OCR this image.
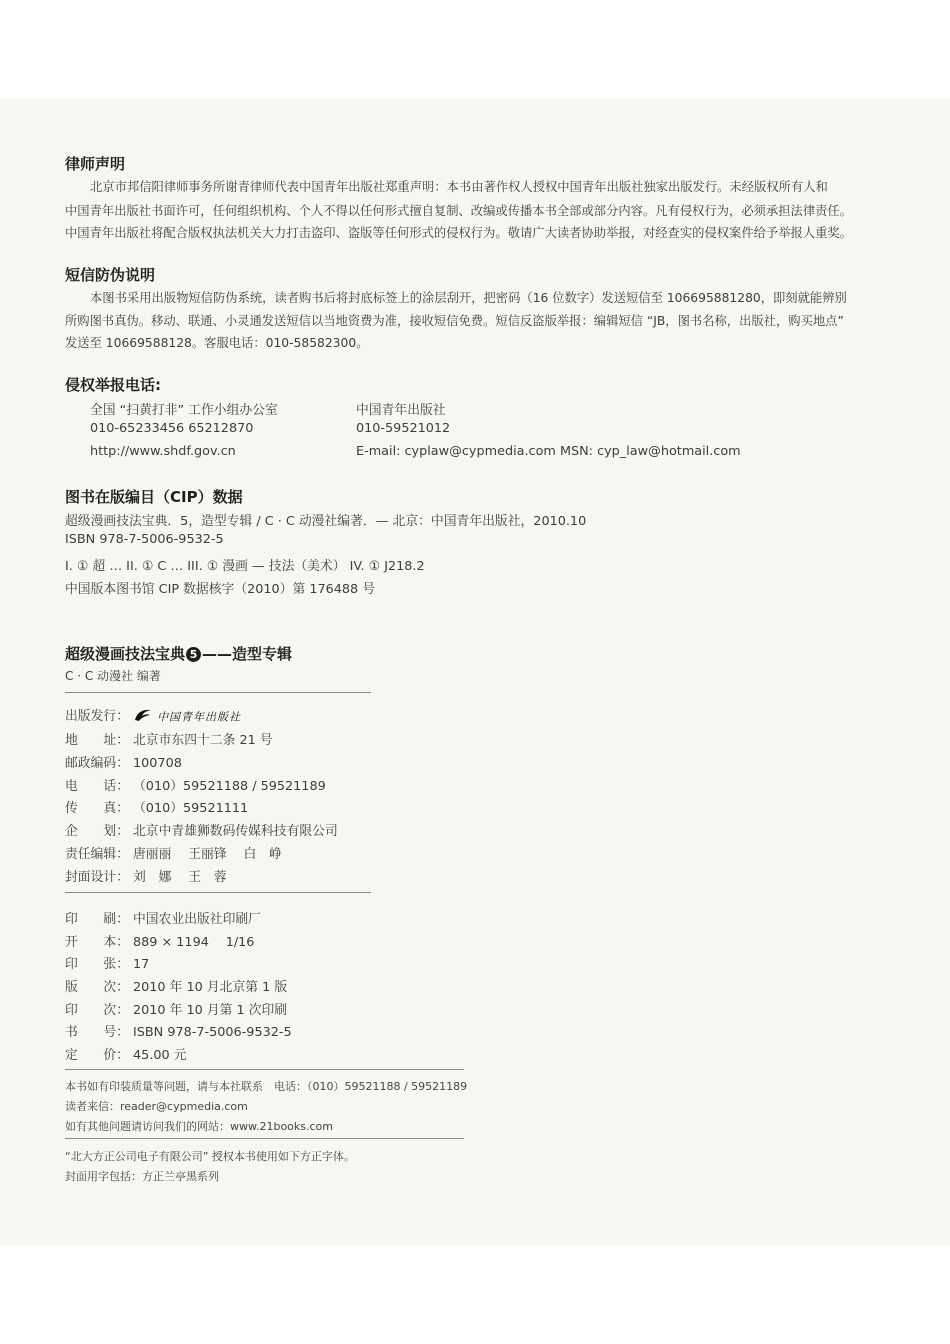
律师声明
北京市邦信阳律师事务所谢青律师代表中国青年出版社郑重声明：本书由著作权人授权中国青年出版社独家出版发行。未经版权所有人和
中国青年出版社书面许可，任何组织机构、个人不得以任何形式擅自复制、改编或传播本书全部或部分内容。凡有侵权行为，必须承担法律责任。
中国青年出版社将配合版权执法机关大力打击盗印、盗版等任何形式的侵权行为。敬请广大读者协助举报，对经查实的侵权案件给予举报人重奖。
短信防伪说明
本图书采用出版物短信防伪系统，读者购书后将封底标签上的涂层刮开，把密码（16 位数字）发送短信至 106695881280，即刻就能辨别
所购图书真伪。移动、联通、小灵通发送短信以当地资费为准，接收短信免费。短信反盗版举报：编辑短信 “JB，图书名称，出版社，购买地点”
发送至 10669588128。客服电话：010-58582300。
侵权举报电话:
全国 “扫黄打非” 工作小组办公室
010-65233456 65212870
http://www.shdf.gov.cn
中国青年出版社
010-59521012
E-mail: cyplaw@cypmedia.com MSN: cyp_law@hotmail.com
图书在版编目（CIP）数据
超级漫画技法宝典．5，造型专辑 / C · C 动漫社编著．— 北京：中国青年出版社，2010.10
ISBN 978-7-5006-9532-5
I. ① 超 … II. ① C … III. ① 漫画 — 技法（美术） IV. ① J218.2
中国版本图书馆 CIP 数据核字（2010）第 176488 号
超级漫画技法宝典 5 ——造型专辑
C · C 动漫社 编著
出版发行：	中国青年出版社
地　　址： 北京市东四十二条 21 号
邮政编码： 100708
电　　话： （010）59521188 / 59521189
传　　真： （010）59521111
企　　划： 北京中青雄狮数码传媒科技有限公司
责任编辑： 唐丽丽　 王丽锋　 白　峥
封面设计： 刘　娜　 王　蓉
印　　刷： 中国农业出版社印刷厂
开　　本： 889 × 1194　 1/16
印　　张： 17
版　　次： 2010 年 10 月北京第 1 版
印　　次： 2010 年 10 月第 1 次印刷
书　　号： ISBN 978-7-5006-9532-5
定　　价： 45.00 元
本书如有印装质量等问题，请与本社联系　电话：（010）59521188 / 59521189
读者来信：reader@cypmedia.com
如有其他问题请访问我们的网站：www.21books.com
“北大方正公司电子有限公司” 授权本书使用如下方正字体。
封面用字包括：方正兰亭黑系列
